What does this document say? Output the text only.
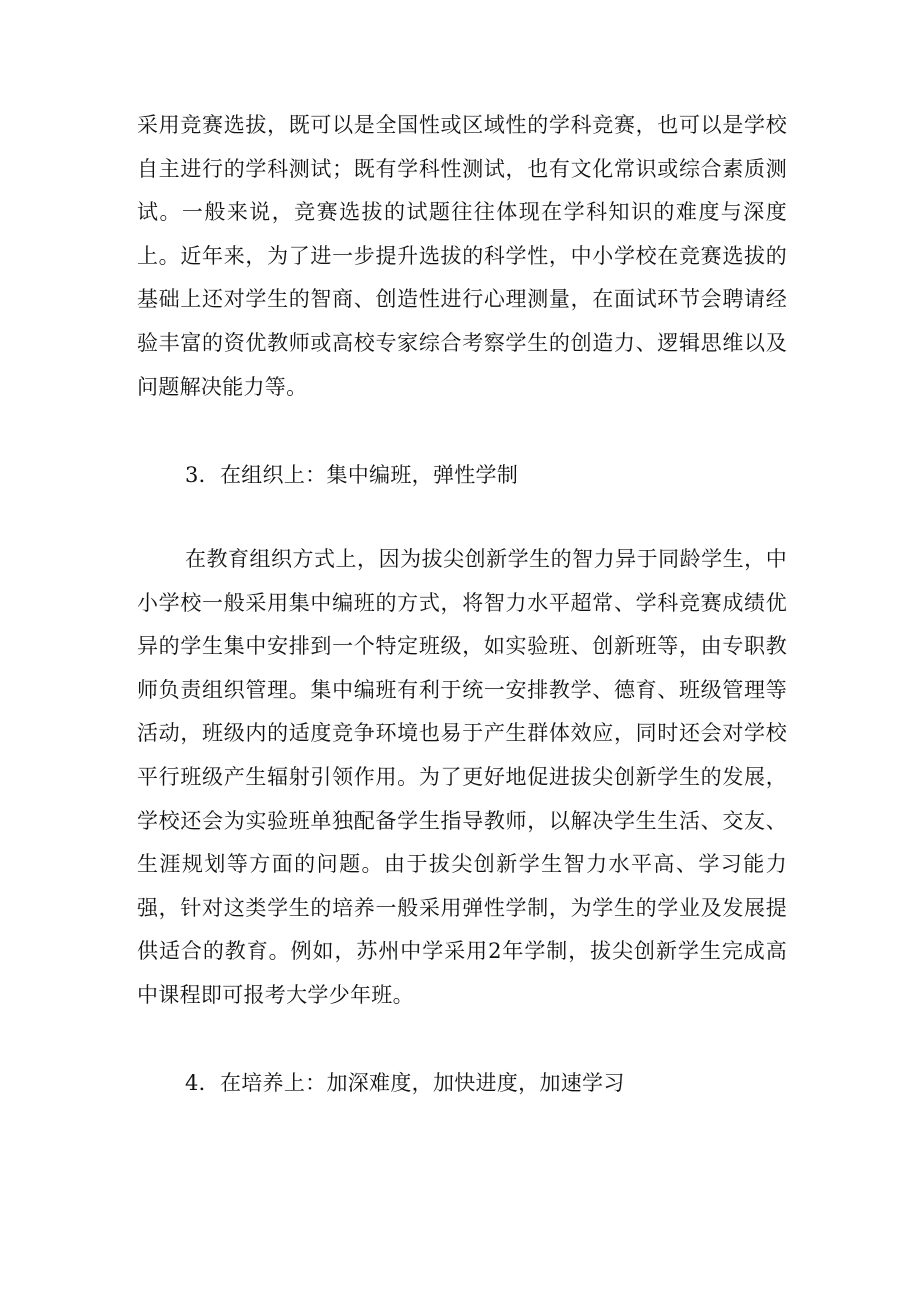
采用竞赛选拔，既可以是全国性或区域性的学科竞赛，也可以是学校自主进行的学科测试；既有学科性测试，也有文化常识或综合素质测试。一般来说，竞赛选拔的试题往往体现在学科知识的难度与深度上。近年来，为了进一步提升选拔的科学性，中小学校在竞赛选拔的基础上还对学生的智商、创造性进行心理测量，在面试环节会聘请经验丰富的资优教师或高校专家综合考察学生的创造力、逻辑思维以及问题解决能力等。

3．在组织上：集中编班，弹性学制

在教育组织方式上，因为拔尖创新学生的智力异于同龄学生，中小学校一般采用集中编班的方式，将智力水平超常、学科竞赛成绩优异的学生集中安排到一个特定班级，如实验班、创新班等，由专职教师负责组织管理。集中编班有利于统一安排教学、德育、班级管理等活动，班级内的适度竞争环境也易于产生群体效应，同时还会对学校平行班级产生辐射引领作用。为了更好地促进拔尖创新学生的发展，学校还会为实验班单独配备学生指导教师，以解决学生生活、交友、生涯规划等方面的问题。由于拔尖创新学生智力水平高、学习能力强，针对这类学生的培养一般采用弹性学制，为学生的学业及发展提供适合的教育。例如，苏州中学采用2年学制，拔尖创新学生完成高中课程即可报考大学少年班。

4．在培养上：加深难度，加快进度，加速学习
